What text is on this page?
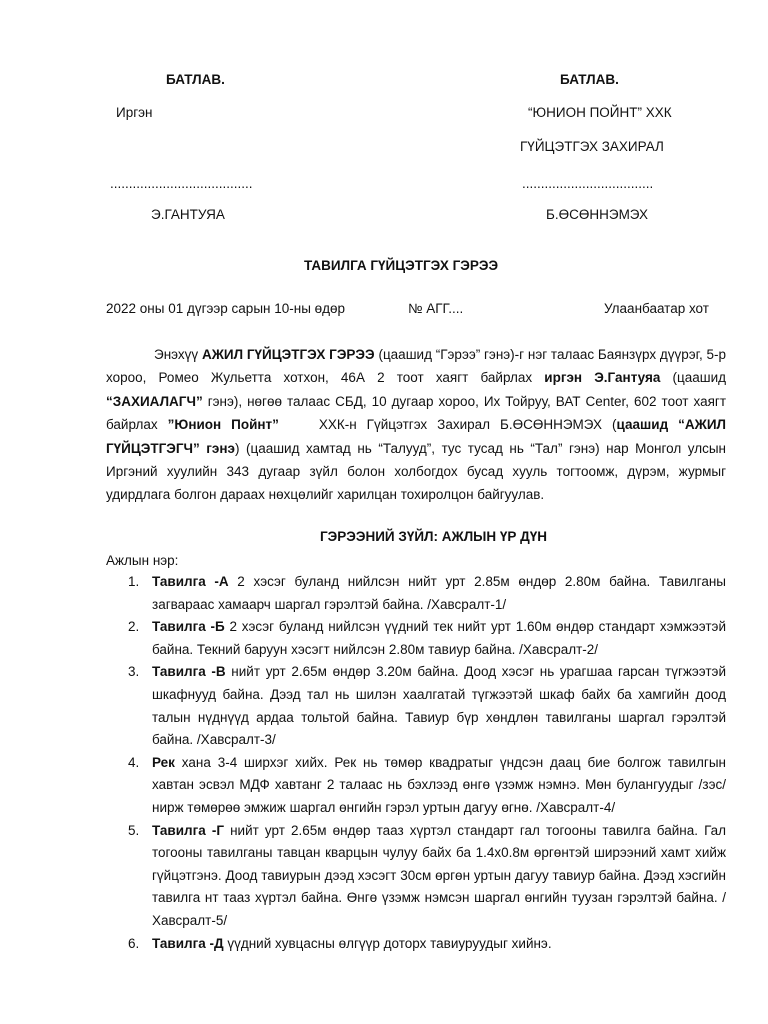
БАТЛАВ.
Иргэн
......................................
Э.ГАНТУЯА
БАТЛАВ.
“ЮНИОН ПОЙНТ” ХХК
ГҮЙЦЭТГЭХ ЗАХИРАЛ
...................................
Б.ӨСӨННЭМЭХ
ТАВИЛГА ГҮЙЦЭТГЭХ ГЭРЭЭ
2022 оны 01 дүгээр сарын 10-ны өдөр	№ АГГ....	Улаанбаатар хот
Энэхүү АЖИЛ ГҮЙЦЭТГЭХ ГЭРЭЭ (цаашид “Гэрээ” гэнэ)-г нэг талаас Баянзүрх дүүрэг, 5-р хороо, Ромео Жульетта хотхон, 46А 2 тоот хаягт байрлах иргэн Э.Гантуяа (цаашид “ЗАХИАЛАГЧ” гэнэ), нөгөө талаас СБД, 10 дугаар хороо, Их Тойруу, ВАТ Center, 602 тоот хаягт байрлах ”Юнион Пойнт”    ХХК-н Гүйцэтгэх Захирал Б.ӨСӨННЭМЭХ (цаашид “АЖИЛ ГҮЙЦЭТГЭГЧ” гэнэ) (цаашид хамтад нь “Талууд”, тус тусад нь “Тал” гэнэ) нар Монгол улсын Иргэний хуулийн 343 дугаар зүйл болон холбогдох бусад хууль тогтоомж, дүрэм, журмыг удирдлага болгон дараах нөхцөлийг харилцан тохиролцон байгуулав.
ГЭРЭЭНИЙ ЗҮЙЛ: АЖЛЫН ҮР ДҮН
Ажлын нэр:
1. Тавилга -А 2 хэсэг буланд нийлсэн нийт урт 2.85м өндөр 2.80м байна. Тавилганы загвараас хамаарч шаргал гэрэлтэй байна. /Хавсралт-1/
2. Тавилга -Б 2 хэсэг буланд нийлсэн үүдний тек нийт урт 1.60м өндөр стандарт хэмжээтэй байна. Текний баруун хэсэгт нийлсэн 2.80м тавиур байна. /Хавсралт-2/
3. Тавилга -В нийт урт 2.65м өндөр 3.20м байна. Доод хэсэг нь урагшаа гарсан түгжээтэй шкафнууд байна. Дээд тал нь шилэн хаалгатай түгжээтэй шкаф байх ба хамгийн доод талын нүднүүд ардаа тольтой байна. Тавиур бүр хөндлөн тавилганы шаргал гэрэлтэй байна. /Хавсралт-3/
4. Рек хана 3-4 ширхэг хийх. Рек нь төмөр квадратыг үндсэн даац бие болгож тавилгын хавтан эсвэл МДФ хавтанг 2 талаас нь бэхлээд өнгө үзэмж нэмнэ. Мөн булангуудыг /зэс/ нирж төмөрөө эмжиж шаргал өнгийн гэрэл уртын дагуу өгнө. /Хавсралт-4/
5. Тавилга -Г нийт урт 2.65м өндөр тааз хүртэл стандарт гал тогооны тавилга байна. Гал тогооны тавилганы тавцан кварцын чулуу байх ба 1.4х0.8м өргөнтэй ширээний хамт хийж гүйцэтгэнэ. Доод тавиурын дээд хэсэгт 30см өргөн уртын дагуу тавиур байна. Дээд хэсгийн тавилга нт тааз хүртэл байна. Өнгө үзэмж нэмсэн шаргал өнгийн туузан гэрэлтэй байна. /Хавсралт-5/
6. Тавилга -Д үүдний хувцасны өлгүүр доторх тавиуруудыг хийнэ.
